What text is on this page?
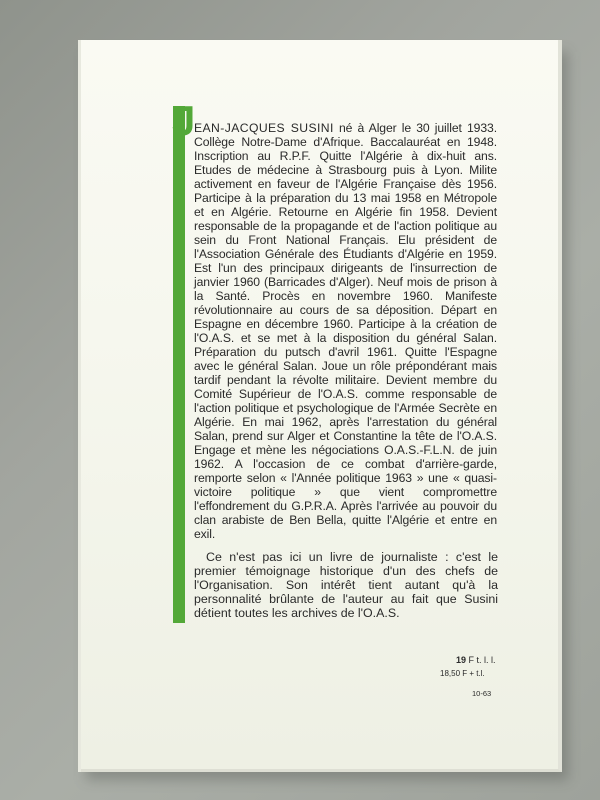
J

EAN-JACQUES SUSINI né à Alger le 30 juillet 1933. Collège Notre-Dame d'Afrique. Baccalauréat en 1948. Inscription au R.P.F. Quitte l'Algérie à dix-huit ans. Etudes de médecine à Strasbourg puis à Lyon. Milite activement en faveur de l'Algérie Française dès 1956. Participe à la préparation du 13 mai 1958 en Métropole et en Algérie. Retourne en Algérie fin 1958. Devient responsable de la propagande et de l'action politique au sein du Front National Français. Elu président de l'Association Générale des Étudiants d'Algérie en 1959. Est l'un des principaux dirigeants de l'insurrection de janvier 1960 (Barricades d'Alger). Neuf mois de prison à la Santé. Procès en novembre 1960. Manifeste révolutionnaire au cours de sa déposition. Départ en Espagne en décembre 1960. Participe à la création de l'O.A.S. et se met à la disposition du général Salan. Préparation du putsch d'avril 1961. Quitte l'Espagne avec le général Salan. Joue un rôle prépondérant mais tardif pendant la révolte militaire. Devient membre du Comité Supérieur de l'O.A.S. comme responsable de l'action politique et psychologique de l'Armée Secrète en Algérie. En mai 1962, après l'arrestation du général Salan, prend sur Alger et Constantine la tête de l'O.A.S. Engage et mène les négociations O.A.S.-F.L.N. de juin 1962. A l'occasion de ce combat d'arrière-garde, remporte selon « l'Année politique 1963 » une « quasi-victoire politique » que vient compromettre l'effondrement du G.P.R.A. Après l'arrivée au pouvoir du clan arabiste de Ben Bella, quitte l'Algérie et entre en exil.

Ce n'est pas ici un livre de journaliste : c'est le premier témoignage historique d'un des chefs de l'Organisation. Son intérêt tient autant qu'à la personnalité brûlante de l'auteur au fait que Susini détient toutes les archives de l'O.A.S.

19 F t. l. l.
18,50 F + t.l.
10-63
